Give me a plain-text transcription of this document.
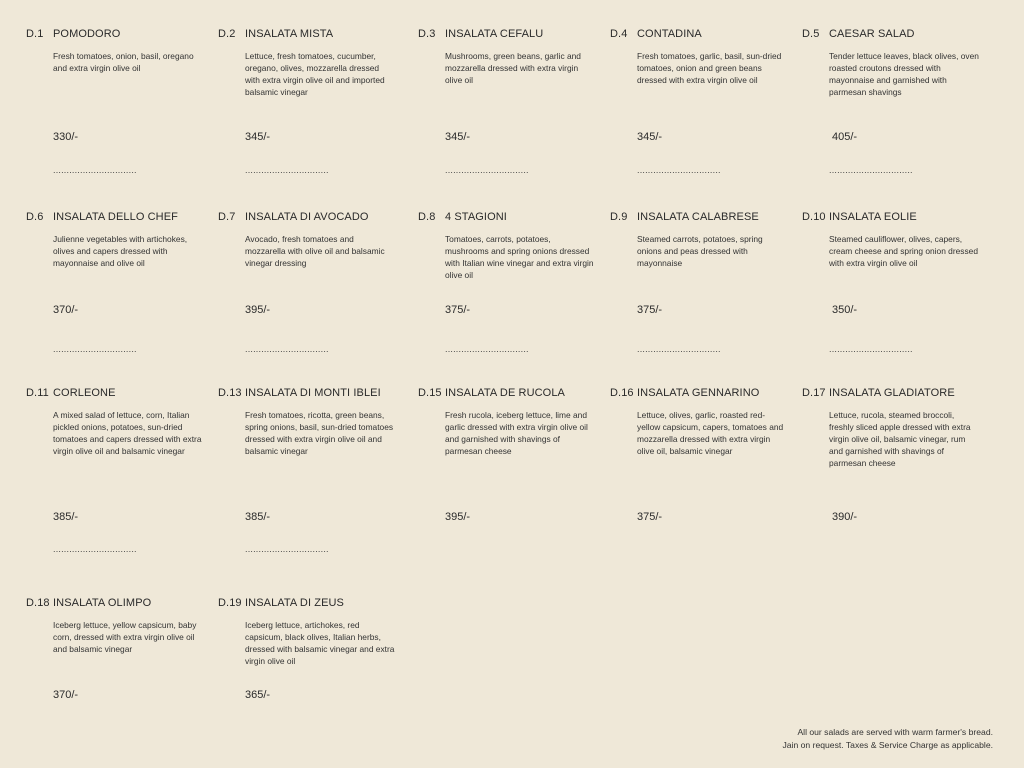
D.1 POMODORO
Fresh tomatoes, onion, basil, oregano and extra virgin olive oil
330/-
...............................
D.2 INSALATA MISTA
Lettuce, fresh tomatoes, cucumber, oregano, olives, mozzarella dressed with extra virgin olive oil and imported balsamic vinegar
345/-
...............................
D.3 INSALATA CEFALU
Mushrooms, green beans, garlic and mozzarella dressed with extra virgin olive oil
345/-
...............................
D.4 CONTADINA
Fresh tomatoes, garlic, basil, sun-dried tomatoes, onion and green beans dressed with extra virgin olive oil
345/-
...............................
D.5 CAESAR SALAD
Tender lettuce leaves, black olives, oven roasted croutons dressed with mayonnaise and garnished with parmesan shavings
405/-
...............................
D.6 INSALATA DELLO CHEF
Julienne vegetables with artichokes, olives and capers dressed with mayonnaise and olive oil
370/-
...............................
D.7 INSALATA DI AVOCADO
Avocado, fresh tomatoes and mozzarella with olive oil and balsamic vinegar dressing
395/-
...............................
D.8 4 STAGIONI
Tomatoes, carrots, potatoes, mushrooms and spring onions dressed with Italian wine vinegar and extra virgin olive oil
375/-
...............................
D.9 INSALATA CALABRESE
Steamed carrots, potatoes, spring onions and peas dressed with mayonnaise
375/-
...............................
D.10 INSALATA EOLIE
Steamed cauliflower, olives, capers, cream cheese and spring onion dressed with extra virgin olive oil
350/-
...............................
D.11 CORLEONE
A mixed salad of lettuce, corn, Italian pickled onions, potatoes, sun-dried tomatoes and capers dressed with extra virgin olive oil and balsamic vinegar
385/-
...............................
D.13 INSALATA DI MONTI IBLEI
Fresh tomatoes, ricotta, green beans, spring onions, basil, sun-dried tomatoes dressed with extra virgin olive oil and balsamic vinegar
385/-
...............................
D.15 INSALATA DE RUCOLA
Fresh rucola, iceberg lettuce, lime and garlic dressed with extra virgin olive oil and garnished with shavings of parmesan cheese
395/-
D.16 INSALATA GENNARINO
Lettuce, olives, garlic, roasted red-yellow capsicum, capers, tomatoes and mozzarella dressed with extra virgin olive oil, balsamic vinegar
375/-
D.17 INSALATA GLADIATORE
Lettuce, rucola, steamed broccoli, freshly sliced apple dressed with extra virgin olive oil, balsamic vinegar, rum and garnished with shavings of parmesan cheese
390/-
D.18 INSALATA OLIMPO
Iceberg lettuce, yellow capsicum, baby corn, dressed with extra virgin olive oil and balsamic vinegar
370/-
D.19 INSALATA DI ZEUS
Iceberg lettuce, artichokes, red capsicum, black olives, Italian herbs, dressed with balsamic vinegar and extra virgin olive oil
365/-
All our salads are served with warm farmer's bread.
Jain on request. Taxes & Service Charge as applicable.
